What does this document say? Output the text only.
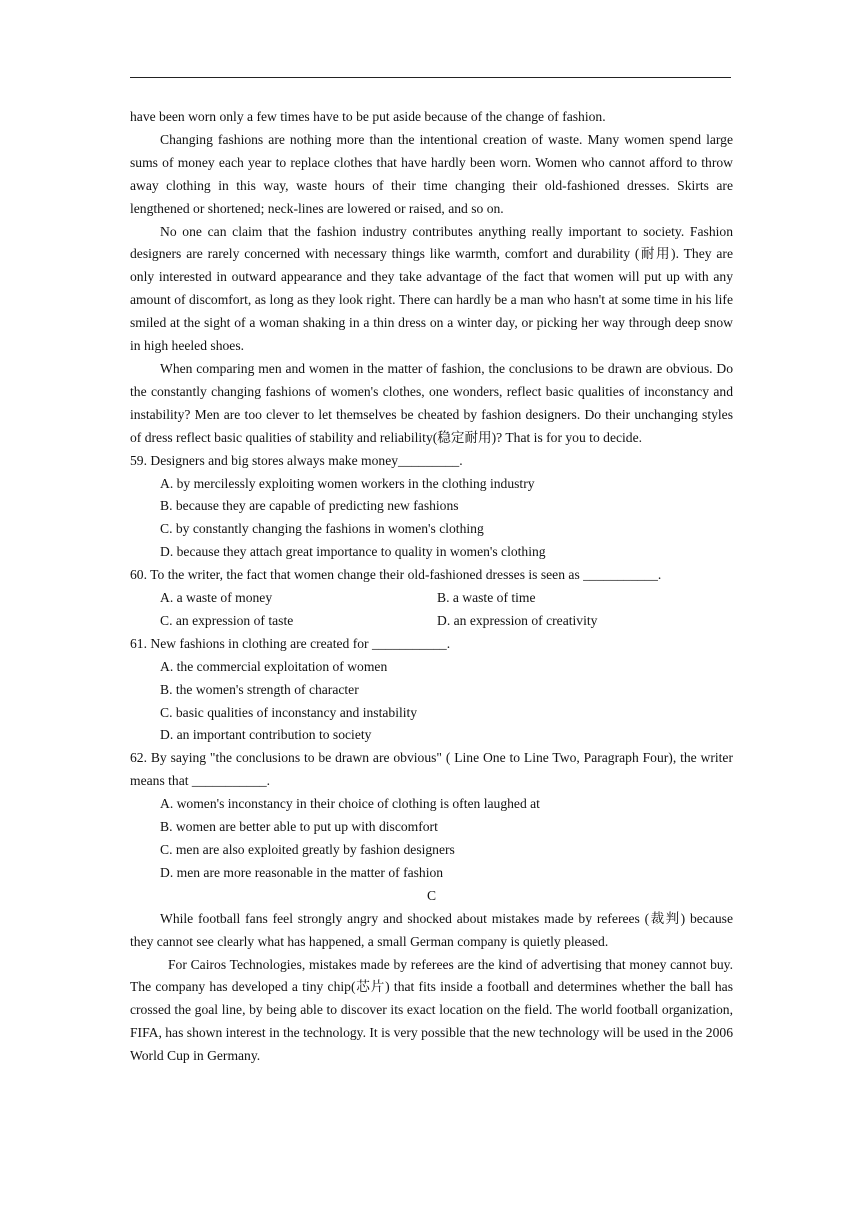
have been worn only a few times have to be put aside because of the change of fashion.

Changing fashions are nothing more than the intentional creation of waste. Many women spend large sums of money each year to replace clothes that have hardly been worn. Women who cannot afford to throw away clothing in this way, waste hours of their time changing their old-fashioned dresses. Skirts are lengthened or shortened; neck-lines are lowered or raised, and so on.

No one can claim that the fashion industry contributes anything really important to society. Fashion designers are rarely concerned with necessary things like warmth, comfort and durability (耐用). They are only interested in outward appearance and they take advantage of the fact that women will put up with any amount of discomfort, as long as they look right. There can hardly be a man who hasn't at some time in his life smiled at the sight of a woman shaking in a thin dress on a winter day, or picking her way through deep snow in high heeled shoes.

When comparing men and women in the matter of fashion, the conclusions to be drawn are obvious. Do the constantly changing fashions of women's clothes, one wonders, reflect basic qualities of inconstancy and instability? Men are too clever to let themselves be cheated by fashion designers. Do their unchanging styles of dress reflect basic qualities of stability and reliability(稳定耐用)? That is for you to decide.

59. Designers and big stores always make money_________.

A. by mercilessly exploiting women workers in the clothing industry

B. because they are capable of predicting new fashions

C. by constantly changing the fashions in women's clothing

D. because they attach great importance to quality in women's clothing

60. To the writer, the fact that women change their old-fashioned dresses is seen as ___________.

A. a waste of money	B. a waste of time
C. an expression of taste	D. an expression of creativity

61. New fashions in clothing are created for ___________.

A. the commercial exploitation of women

B. the women's strength of character

C. basic qualities of inconstancy and instability

D. an important contribution to society

62. By saying "the conclusions to be drawn are obvious" ( Line One to Line Two, Paragraph Four), the writer means that ___________.

A. women's inconstancy in their choice of clothing is often laughed at

B. women are better able to put up with discomfort

C. men are also exploited greatly by fashion designers

D. men are more reasonable in the matter of fashion

C

While football fans feel strongly angry and shocked about mistakes made by referees (裁判) because they cannot see clearly what has happened, a small German company is quietly pleased.

For Cairos Technologies, mistakes made by referees are the kind of advertising that money cannot buy. The company has developed a tiny chip(芯片) that fits inside a football and determines whether the ball has crossed the goal line, by being able to discover its exact location on the field. The world football organization, FIFA, has shown interest in the technology. It is very possible that the new technology will be used in the 2006 World Cup in Germany.
